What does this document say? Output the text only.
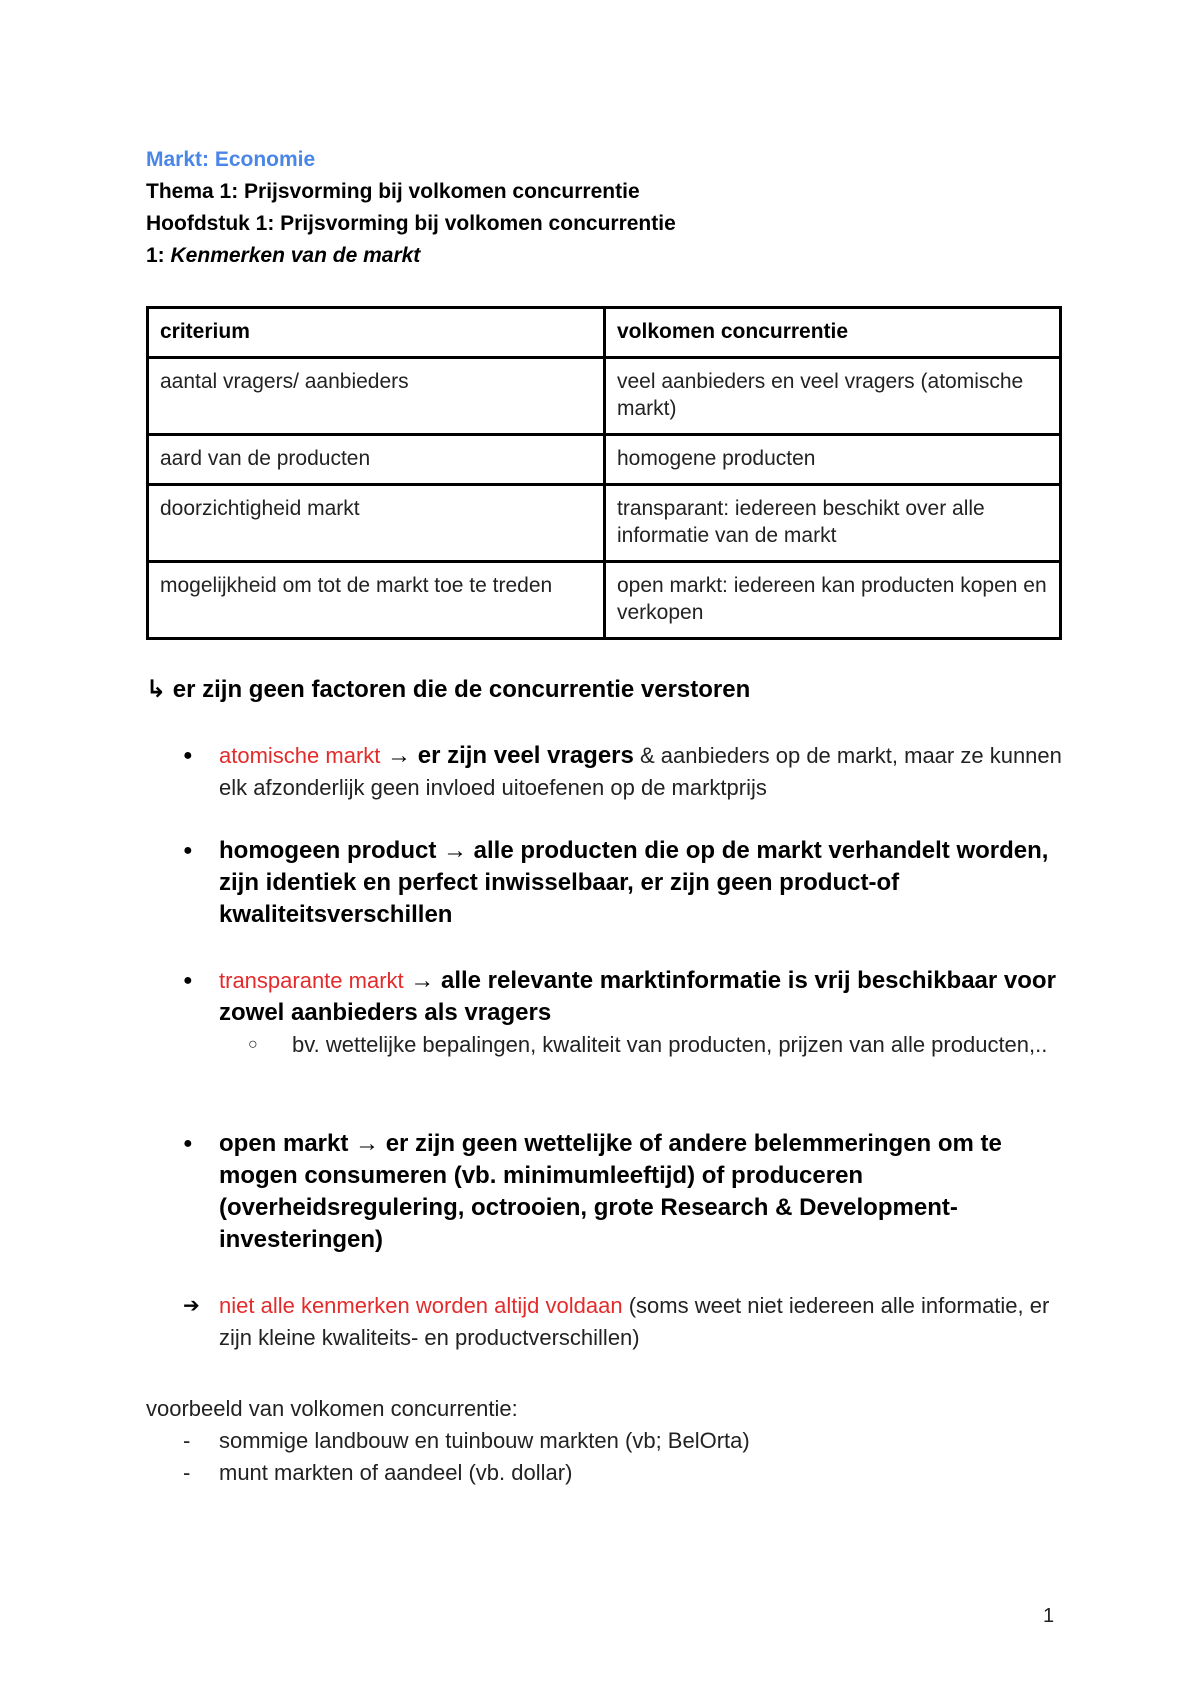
Markt: Economie
Thema 1: Prijsvorming bij volkomen concurrentie
Hoofdstuk 1: Prijsvorming bij volkomen concurrentie
1: Kenmerken van de markt
criterium	volkomen concurrentie
aantal vragers/ aanbieders	veel aanbieders en veel vragers (atomische markt)
aard van de producten	homogene producten
doorzichtigheid markt	transparant: iedereen beschikt over alle informatie van de markt
mogelijkheid om tot de markt toe te treden	open markt: iedereen kan producten kopen en verkopen
↳ er zijn geen factoren die de concurrentie verstoren
● atomische markt → er zijn veel vragers & aanbieders op de markt, maar ze kunnen elk afzonderlijk geen invloed uitoefenen op de marktprijs
● homogeen product → alle producten die op de markt verhandelt worden, zijn identiek en perfect inwisselbaar, er zijn geen product-of kwaliteitsverschillen
● transparante markt → alle relevante marktinformatie is vrij beschikbaar voor zowel aanbieders als vragers
○ bv. wettelijke bepalingen, kwaliteit van producten, prijzen van alle producten,..
● open markt → er zijn geen wettelijke of andere belemmeringen om te mogen consumeren (vb. minimumleeftijd) of produceren (overheidsregulering, octrooien, grote Research & Development-investeringen)
➔ niet alle kenmerken worden altijd voldaan (soms weet niet iedereen alle informatie, er zijn kleine kwaliteits- en productverschillen)
voorbeeld van volkomen concurrentie:
- sommige landbouw en tuinbouw markten (vb; BelOrta)
- munt markten of aandeel (vb. dollar)
1
